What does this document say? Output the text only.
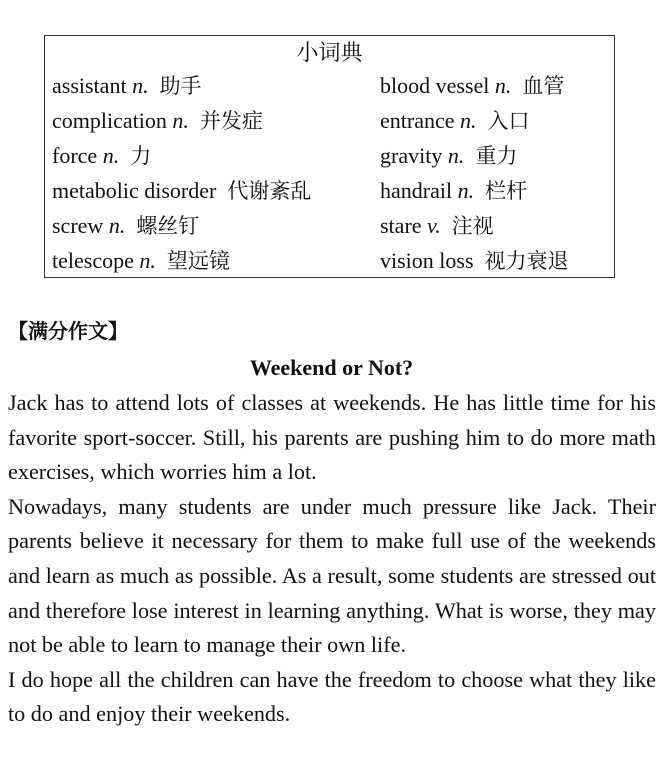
小词典
assistant n. 助手	blood vessel n. 血管
complication n. 并发症	entrance n. 入口
force n. 力	gravity n. 重力
metabolic disorder 代谢紊乱	handrail n. 栏杆
screw n. 螺丝钉	stare v. 注视
telescope n. 望远镜	vision loss 视力衰退
【满分作文】
Weekend or Not?

Jack has to attend lots of classes at weekends. He has little time for his favorite sport-soccer. Still, his parents are pushing him to do more math exercises, which worries him a lot.

Nowadays, many students are under much pressure like Jack. Their parents believe it necessary for them to make full use of the weekends and learn as much as possible. As a result, some students are stressed out and therefore lose interest in learning anything. What is worse, they may not be able to learn to manage their own life.

I do hope all the children can have the freedom to choose what they like to do and enjoy their weekends.
